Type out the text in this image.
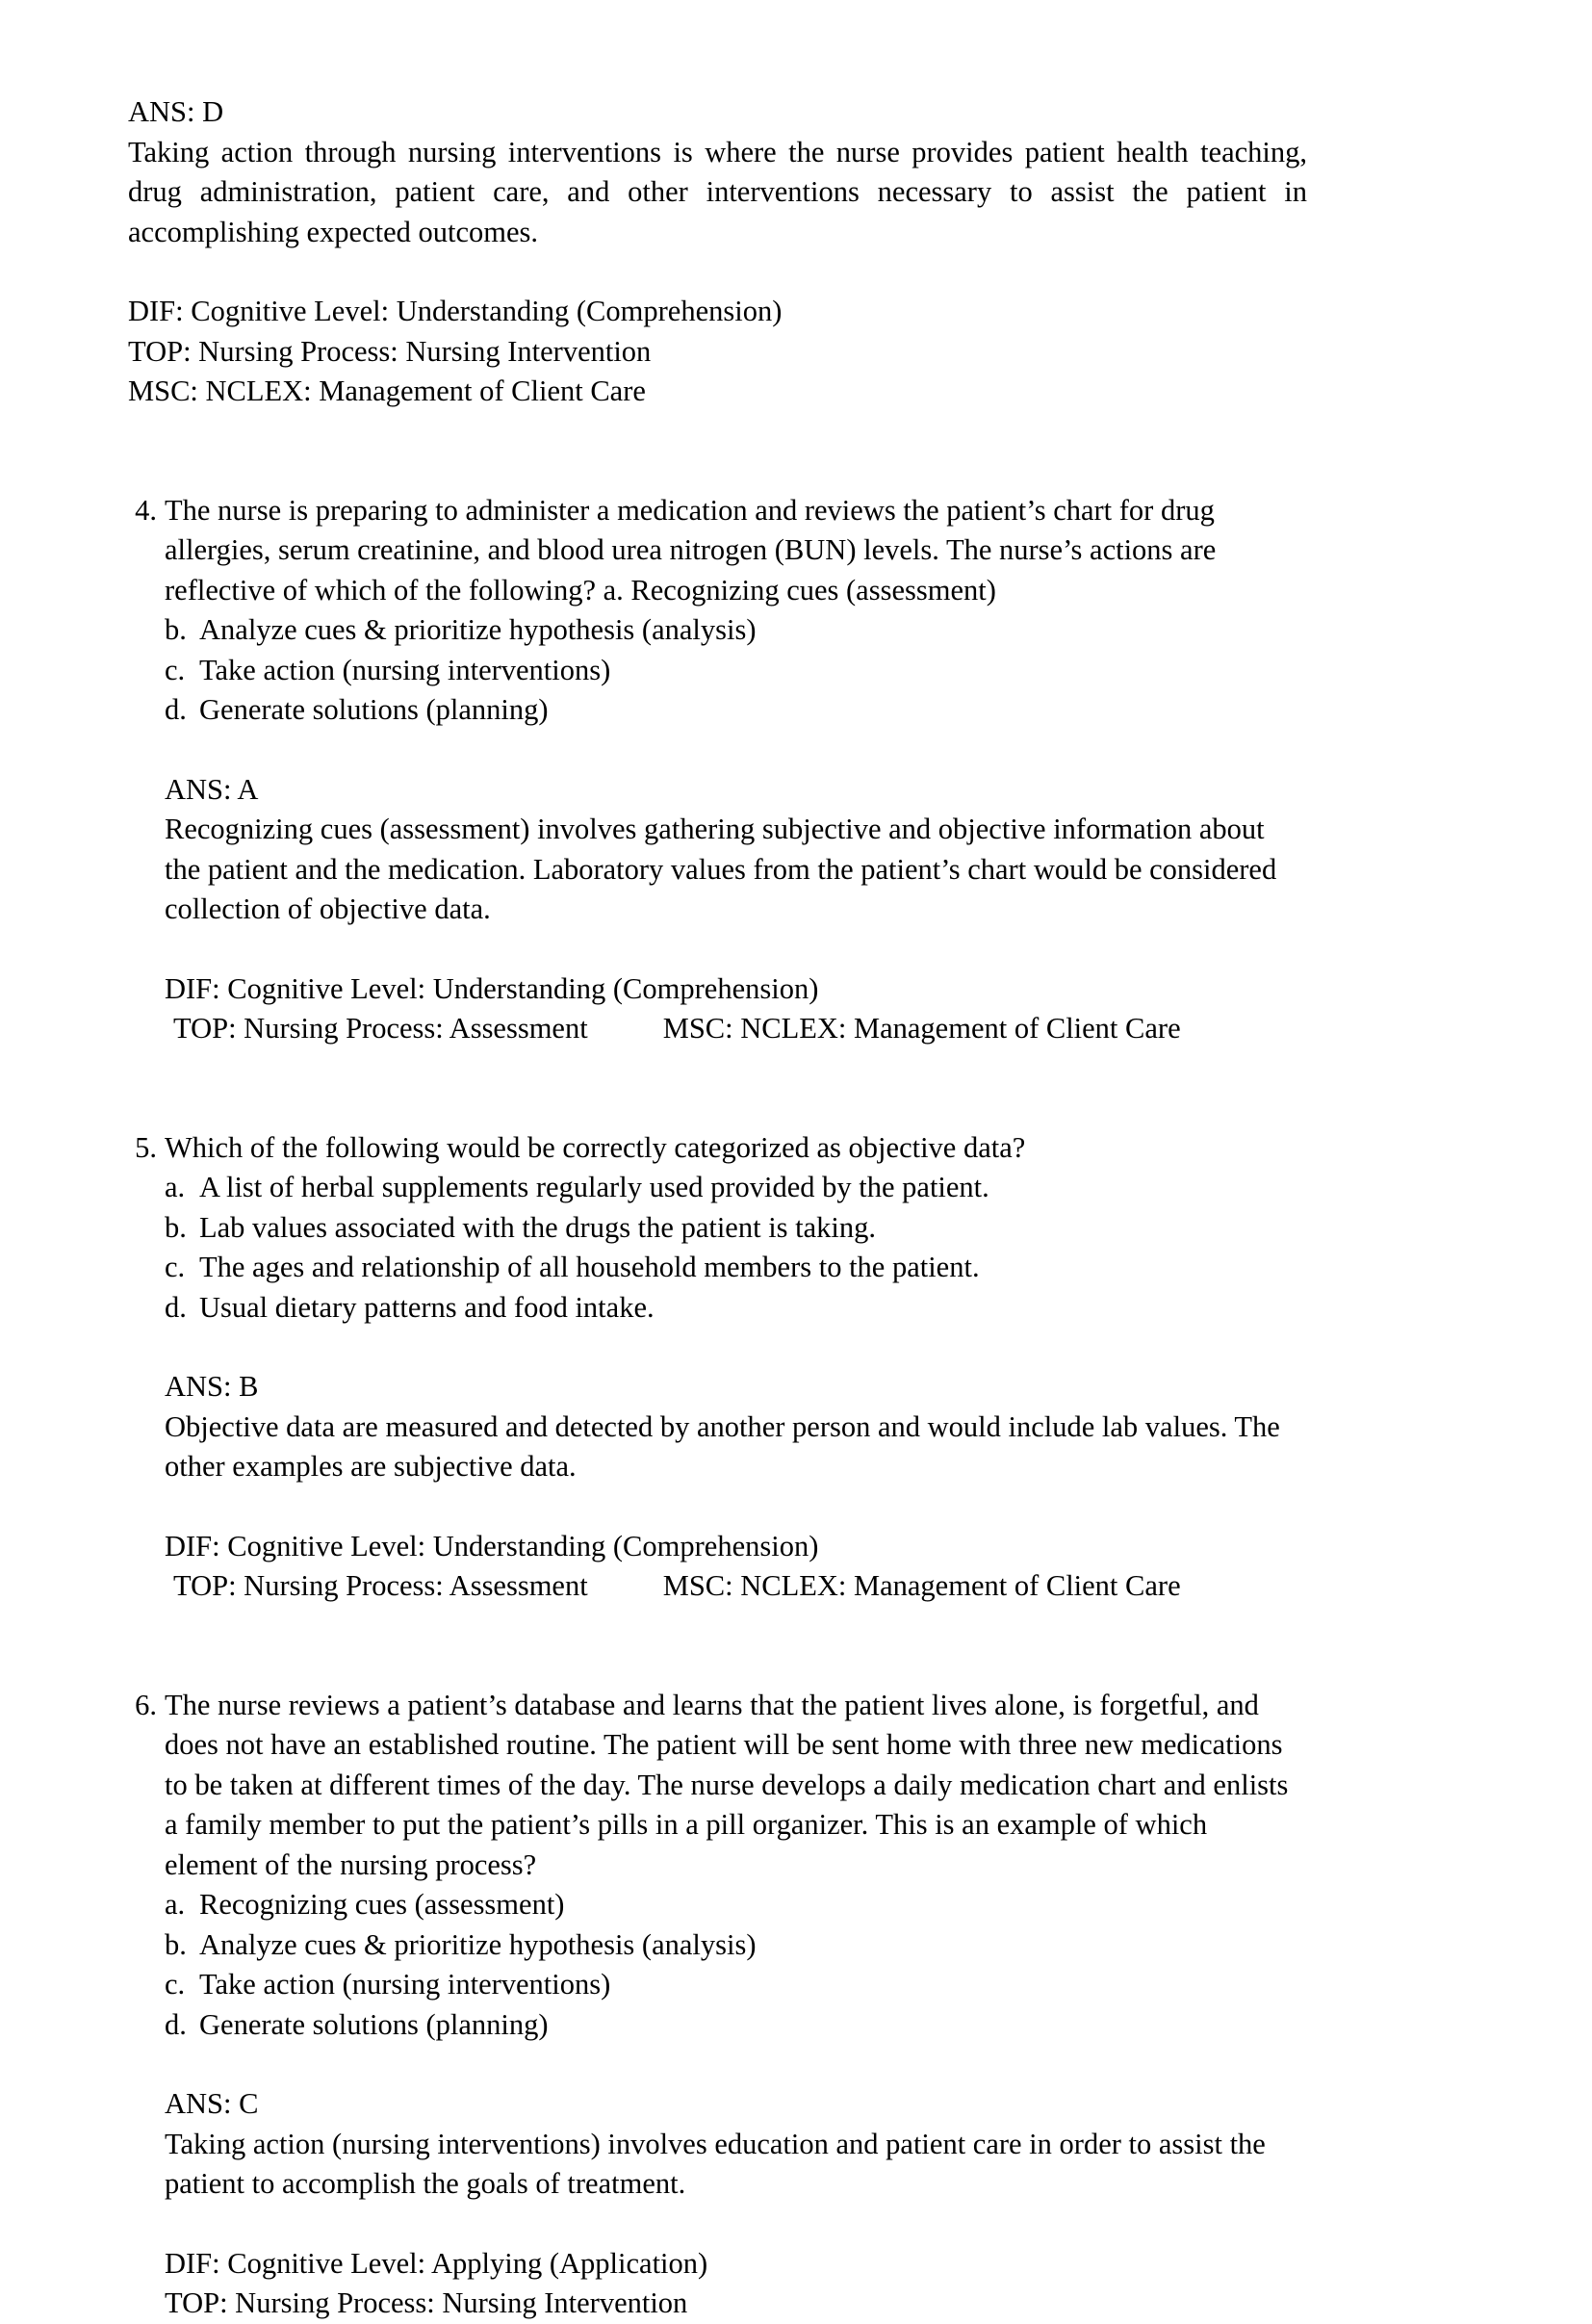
ANS: D

Taking action through nursing interventions is where the nurse provides patient health teaching, drug administration, patient care, and other interventions necessary to assist the patient in accomplishing expected outcomes.

DIF: Cognitive Level: Understanding (Comprehension)

TOP: Nursing Process: Nursing Intervention

MSC: NCLEX: Management of Client Care

4. The nurse is preparing to administer a medication and reviews the patient’s chart for drug allergies, serum creatinine, and blood urea nitrogen (BUN) levels. The nurse’s actions are reflective of which of the following? a. Recognizing cues (assessment)

b. Analyze cues & prioritize hypothesis (analysis)
c. Take action (nursing interventions)
d. Generate solutions (planning)

ANS: A

Recognizing cues (assessment) involves gathering subjective and objective information about the patient and the medication. Laboratory values from the patient’s chart would be considered collection of objective data.

DIF: Cognitive Level: Understanding (Comprehension)

TOP: Nursing Process: Assessment	MSC: NCLEX: Management of Client Care

5. Which of the following would be correctly categorized as objective data?

a. A list of herbal supplements regularly used provided by the patient.
b. Lab values associated with the drugs the patient is taking.
c. The ages and relationship of all household members to the patient.
d. Usual dietary patterns and food intake.

ANS: B

Objective data are measured and detected by another person and would include lab values. The other examples are subjective data.

DIF: Cognitive Level: Understanding (Comprehension)

TOP: Nursing Process: Assessment	MSC: NCLEX: Management of Client Care

6. The nurse reviews a patient’s database and learns that the patient lives alone, is forgetful, and does not have an established routine. The patient will be sent home with three new medications to be taken at different times of the day. The nurse develops a daily medication chart and enlists a family member to put the patient’s pills in a pill organizer. This is an example of which element of the nursing process?

a. Recognizing cues (assessment)
b. Analyze cues & prioritize hypothesis (analysis)
c. Take action (nursing interventions)
d. Generate solutions (planning)

ANS: C

Taking action (nursing interventions) involves education and patient care in order to assist the patient to accomplish the goals of treatment.

DIF: Cognitive Level: Applying (Application)

TOP: Nursing Process: Nursing Intervention
